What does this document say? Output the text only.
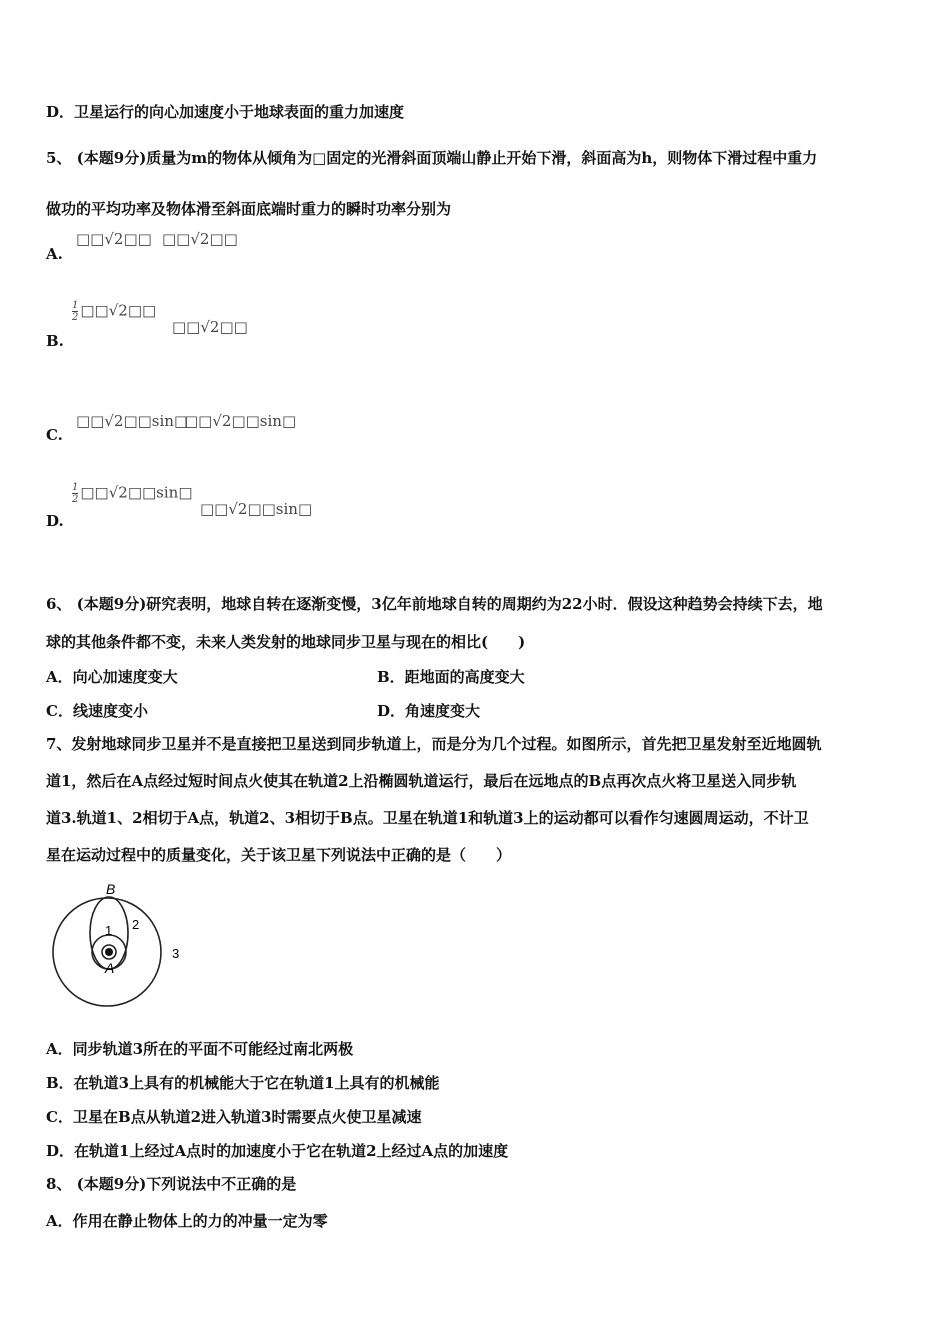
D．卫星运行的向心加速度小于地球表面的重力加速度
5、 (本题9分)质量为m的物体从倾角为□固定的光滑斜面顶端山静止开始下滑，斜面高为h，则物体下滑过程中重力
做功的平均功率及物体滑至斜面底端时重力的瞬时功率分别为
A.
□□√2□□ □□√2□□
B.
$\frac{1}{2}$ □□√2□□
□□√2□□
C.
□□√2□□sin□
□□√2□□sin□
D.
$\frac{1}{2}$ □□√2□□sin□
□□√2□□sin□
6、 (本题9分)研究表明，地球自转在逐渐变慢，3亿年前地球自转的周期约为22小时．假设这种趋势会持续下去，地
球的其他条件都不变，未来人类发射的地球同步卫星与现在的相比(　　)
A．向心加速度变大	B．距地面的高度变大
C．线速度变小	D．角速度变大
7、发射地球同步卫星并不是直接把卫星送到同步轨道上，而是分为几个过程。如图所示，首先把卫星发射至近地圆轨
道1，然后在A点经过短时间点火使其在轨道2上沿椭圆轨道运行，最后在远地点的B点再次点火将卫星送入同步轨
道3.轨道1、2相切于A点，轨道2、3相切于B点。卫星在轨道1和轨道3上的运动都可以看作匀速圆周运动，不计卫
星在运动过程中的质量变化，关于该卫星下列说法中正确的是（　　）
B
A
1 2
3
A．同步轨道3所在的平面不可能经过南北两极
B．在轨道3上具有的机械能大于它在轨道1上具有的机械能
C．卫星在B点从轨道2进入轨道3时需要点火使卫星减速
D．在轨道1上经过A点时的加速度小于它在轨道2上经过A点的加速度
8、 (本题9分)下列说法中不正确的是
A．作用在静止物体上的力的冲量一定为零
